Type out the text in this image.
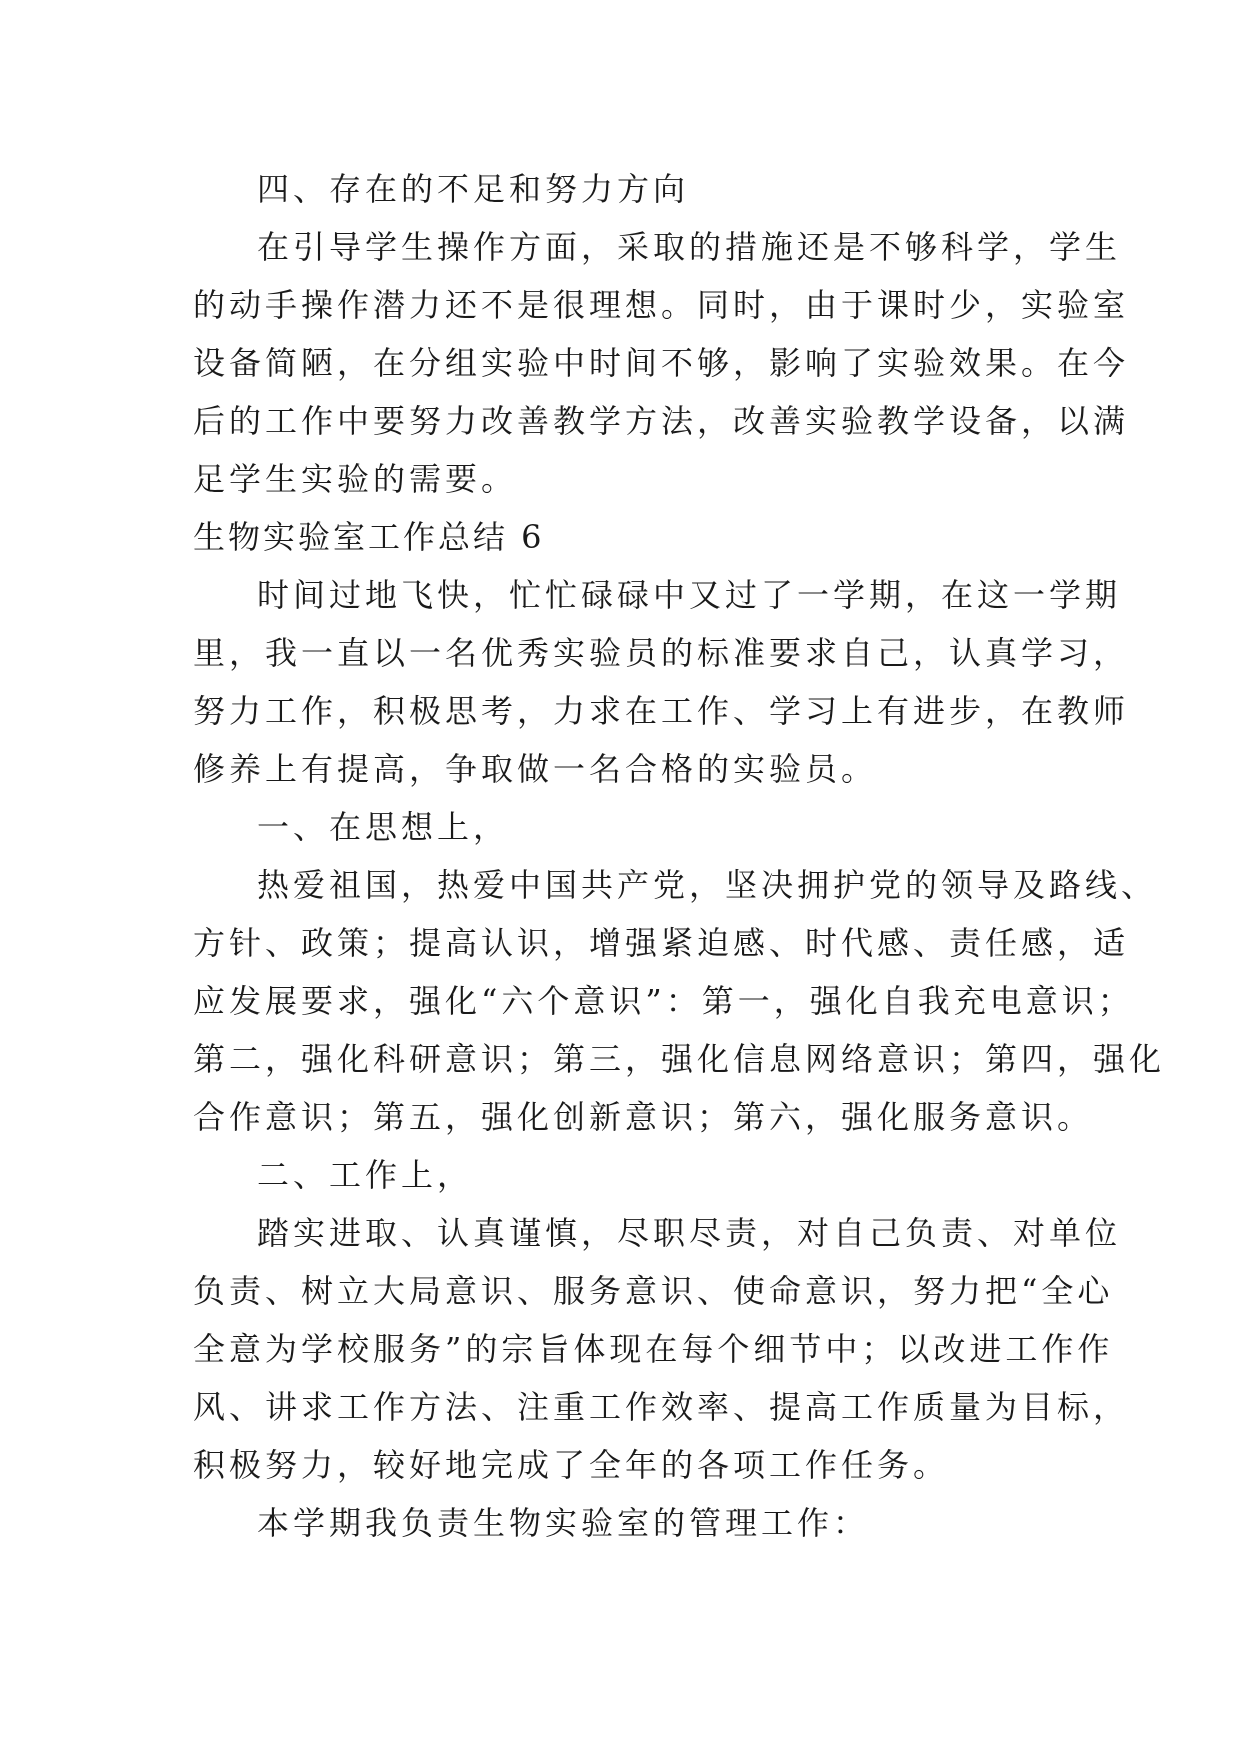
四、存在的不足和努力方向
在引导学生操作方面，采取的措施还是不够科学，学生
的动手操作潜力还不是很理想。同时，由于课时少，实验室
设备简陋，在分组实验中时间不够，影响了实验效果。在今
后的工作中要努力改善教学方法，改善实验教学设备，以满
足学生实验的需要。
生物实验室工作总结 6
时间过地飞快，忙忙碌碌中又过了一学期，在这一学期
里，我一直以一名优秀实验员的标准要求自己，认真学习，
努力工作，积极思考，力求在工作、学习上有进步，在教师
修养上有提高，争取做一名合格的实验员。
一、在思想上，
热爱祖国，热爱中国共产党，坚决拥护党的领导及路线、
方针、政策；提高认识，增强紧迫感、时代感、责任感，适
应发展要求，强化“六个意识”：第一，强化自我充电意识；
第二，强化科研意识；第三，强化信息网络意识；第四，强化
合作意识；第五，强化创新意识；第六，强化服务意识。
二、工作上，
踏实进取、认真谨慎，尽职尽责，对自己负责、对单位
负责、树立大局意识、服务意识、使命意识，努力把“全心
全意为学校服务”的宗旨体现在每个细节中；以改进工作作
风、讲求工作方法、注重工作效率、提高工作质量为目标，
积极努力，较好地完成了全年的各项工作任务。
本学期我负责生物实验室的管理工作：
